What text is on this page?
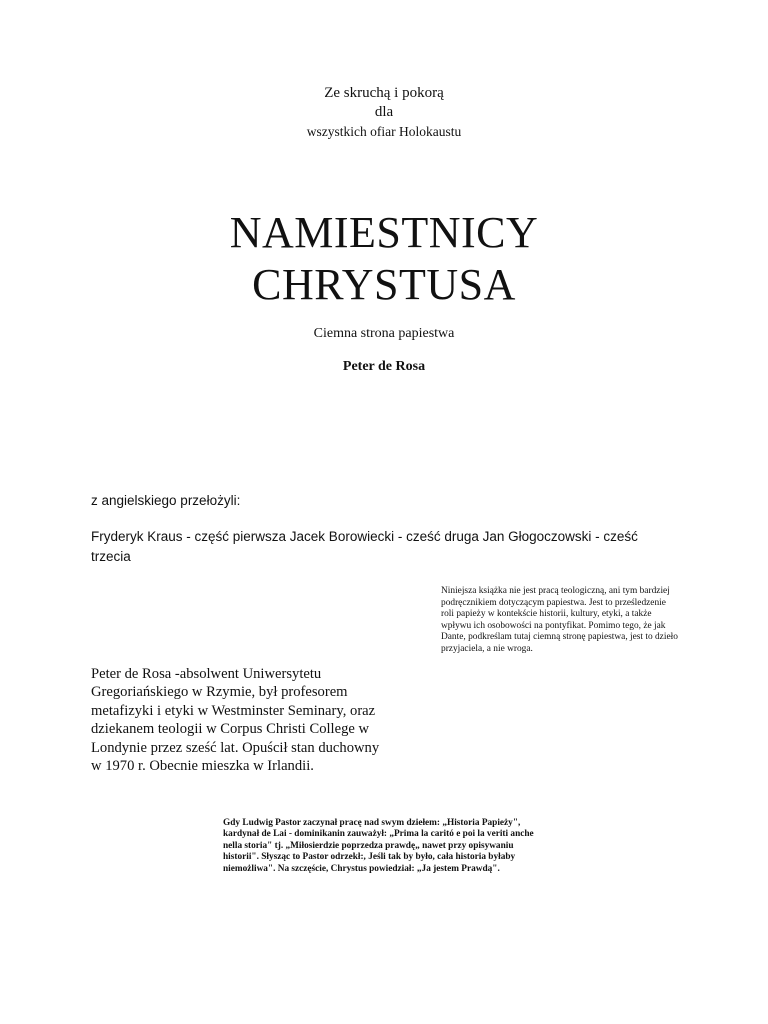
Ze skruchą i pokorą
dla
wszystkich ofiar Holokaustu
NAMIESTNICY
CHRYSTUSA
Ciemna strona papiestwa
Peter de Rosa
z angielskiego przełożyli:
Fryderyk Kraus - część pierwsza Jacek Borowiecki - cześć druga Jan Głogoczowski - cześć trzecia
Niniejsza książka nie jest pracą teologiczną, ani tym bardziej podręcznikiem dotyczącym papiestwa. Jest to prześledzenie roli papieży w kontekście historii, kultury, etyki, a także wpływu ich osobowości na pontyfikat. Pomimo tego, że jak Dante, podkreślam tutaj ciemną stronę papiestwa, jest to dzieło przyjaciela, a nie wroga.
Peter de Rosa -absolwent Uniwersytetu Gregoriańskiego w Rzymie, był profesorem metafizyki i etyki w Westminster Seminary, oraz dziekanem teologii w Corpus Christi College w Londynie przez sześć lat. Opuścił stan duchowny w 1970 r. Obecnie mieszka w Irlandii.
Gdy Ludwig Pastor zaczynał pracę nad swym dziełem: „Historia Papieży", kardynał de Lai - dominikanin zauważył: „Prima la caritó e poi la veriti anche nella storia" tj. „Miłosierdzie poprzedza prawdę„ nawet przy opisywaniu historii". Słysząc to Pastor odrzekł:, Jeśli tak by było, cała historia byłaby niemożliwa". Na szczęście, Chrystus powiedział: „Ja jestem Prawdą".
